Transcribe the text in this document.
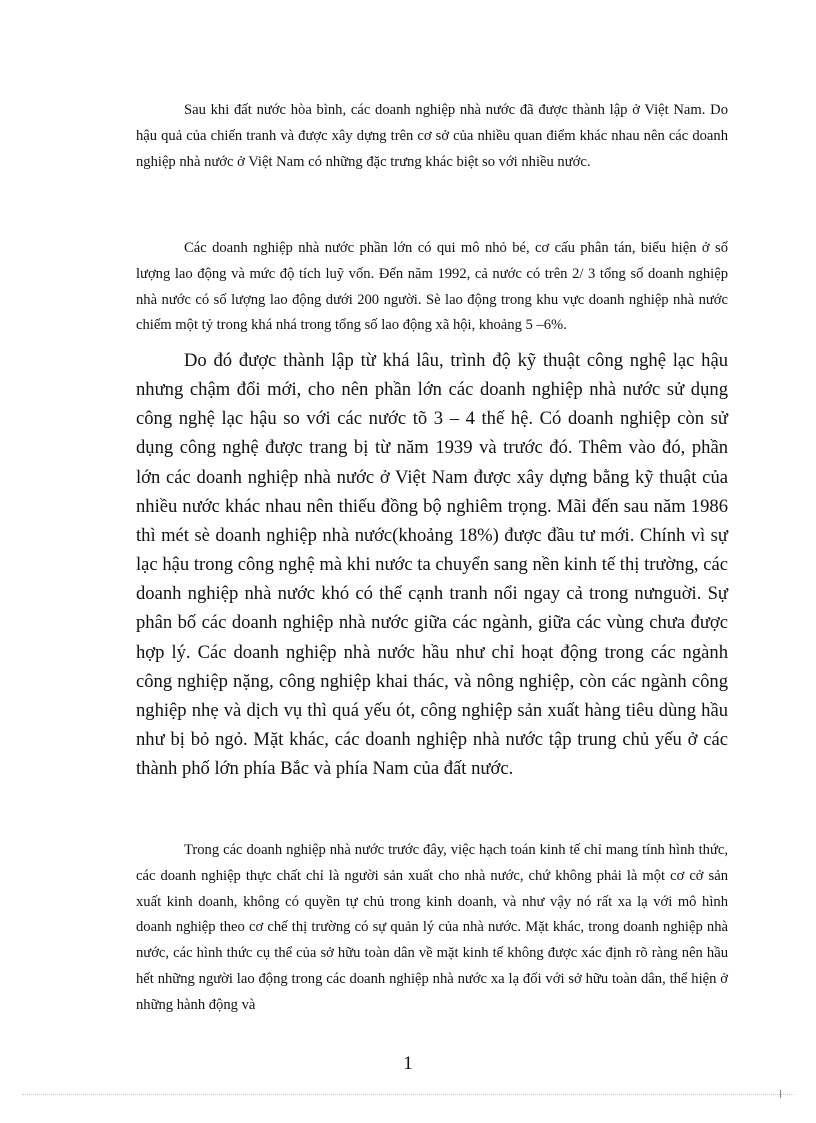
Sau khi đất nước hòa bình, các doanh nghiệp nhà nước đã được thành lập ở Việt Nam. Do hậu quả của chiến tranh và được xây dựng trên cơ sở của nhiều quan điểm khác nhau nên các doanh nghiệp nhà nước ở Việt Nam có những đặc trưng khác biệt so với nhiều nước.

Các doanh nghiệp nhà nước phần lớn có qui mô nhỏ bé, cơ cấu phân tán, biểu hiện ở số lượng lao động và mức độ tích luỹ vốn. Đến năm 1992, cả nước có trên 2/ 3 tổng số doanh nghiệp nhà nước có số lượng lao động dưới 200 người. Sè lao động trong khu vực doanh nghiệp nhà nước chiếm một tỷ trong khá nhá trong tổng số lao động xã hội, khoảng 5 –6%.

Do đó được thành lập từ khá lâu, trình độ kỹ thuật công nghệ lạc hậu nhưng chậm đổi mới, cho nên phần lớn các doanh nghiệp nhà nước sử dụng công nghệ lạc hậu so với các nước tõ 3 – 4 thế hệ. Có doanh nghiệp còn sử dụng công nghệ được trang bị từ năm 1939 và trước đó. Thêm vào đó, phần lớn các doanh nghiệp nhà nước ở Việt Nam được xây dựng bằng kỹ thuật của nhiều nước khác nhau nên thiếu đồng bộ nghiêm trọng. Mãi đến sau năm 1986 thì mét sè doanh nghiệp nhà nước(khoảng 18%) được đầu tư mới. Chính vì sự lạc hậu trong công nghệ mà khi nước ta chuyển sang nền kinh tế thị trường, các doanh nghiệp nhà nước khó có thể cạnh tranh nổi ngay cả trong nưnguời. Sự phân bố các doanh nghiệp nhà nước giữa các ngành, giữa các vùng chưa được hợp lý. Các doanh nghiệp nhà nước hầu như chỉ hoạt động trong các ngành công nghiệp nặng, công nghiệp khai thác, và nông nghiệp, còn các ngành công nghiệp nhẹ và dịch vụ thì quá yếu ót, công nghiệp sản xuất hàng tiêu dùng hầu như bị bỏ ngỏ. Mặt khác, các doanh nghiệp nhà nước tập trung chủ yếu ở các thành phố lớn phía Bắc và phía Nam của đất nước.

Trong các doanh nghiệp nhà nước trước đây, việc hạch toán kinh tế chỉ mang tính hình thức, các doanh nghiệp thực chất chỉ là người sản xuất cho nhà nước, chứ không phải là một cơ cở sản xuất kinh doanh, không có quyền tự chủ trong kinh doanh, và như vậy nó rất xa lạ với mô hình doanh nghiệp theo cơ chế thị trường có sự quản lý của nhà nước. Mặt khác, trong doanh nghiệp nhà nước, các hình thức cụ thể của sở hữu toàn dân về mặt kinh tế không được xác định rõ ràng nên hầu hết những người lao động trong các doanh nghiệp nhà nước xa lạ đối với sở hữu toàn dân, thể hiện ở những hành động và

1
